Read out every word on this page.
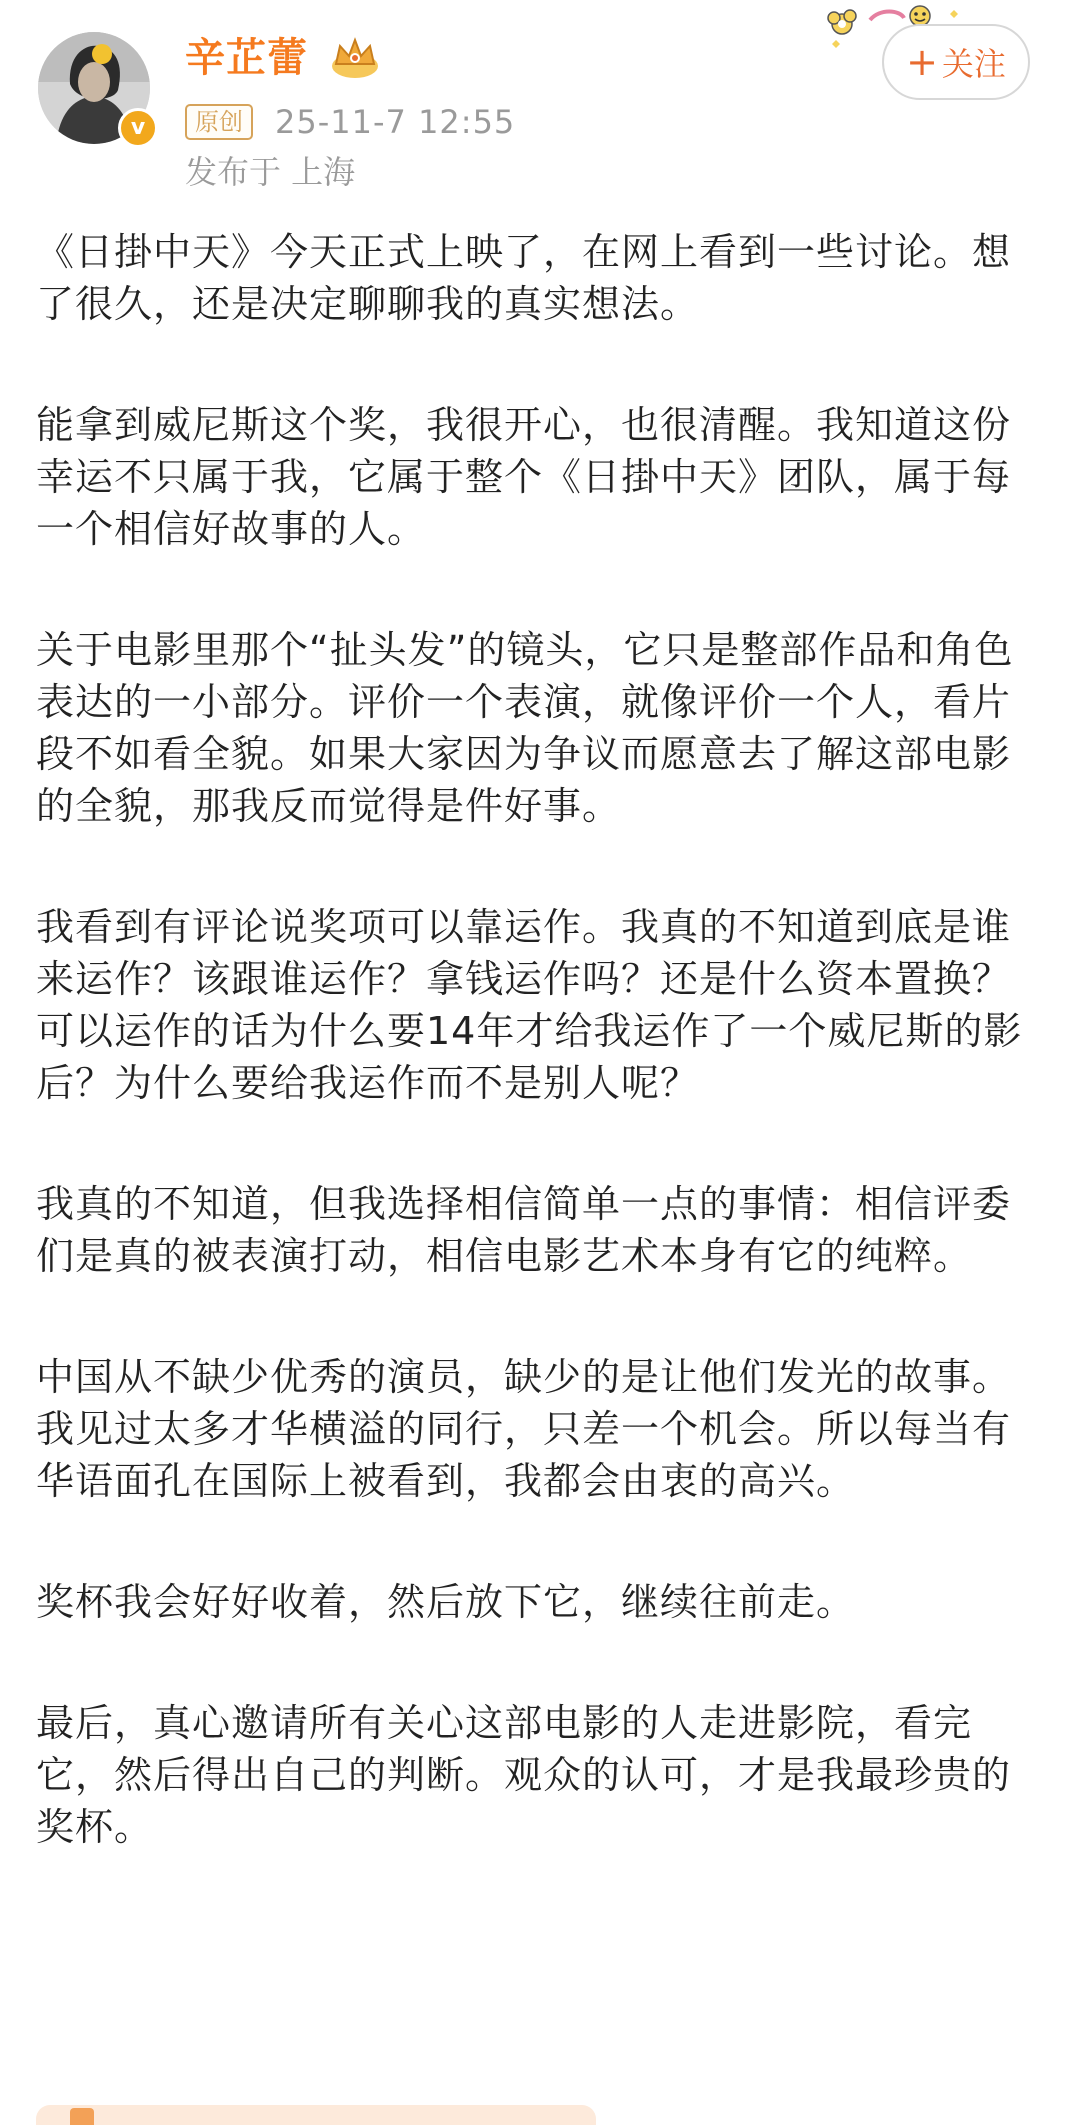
v
辛芷蕾
原创	25-11-7 12:55
发布于 上海
+ 关注

《日掛中天》今天正式上映了，在网上看到一些讨论。想了很久，还是决定聊聊我的真实想法。

能拿到威尼斯这个奖，我很开心，也很清醒。我知道这份幸运不只属于我，它属于整个《日掛中天》团队，属于每一个相信好故事的人。

关于电影里那个“扯头发”的镜头，它只是整部作品和角色表达的一小部分。评价一个表演，就像评价一个人，看片段不如看全貌。如果大家因为争议而愿意去了解这部电影的全貌，那我反而觉得是件好事。

我看到有评论说奖项可以靠运作。我真的不知道到底是谁来运作？该跟谁运作？拿钱运作吗？还是什么资本置换？可以运作的话为什么要14年才给我运作了一个威尼斯的影后？为什么要给我运作而不是别人呢？

我真的不知道，但我选择相信简单一点的事情：相信评委们是真的被表演打动，相信电影艺术本身有它的纯粹。

中国从不缺少优秀的演员，缺少的是让他们发光的故事。我见过太多才华横溢的同行，只差一个机会。所以每当有华语面孔在国际上被看到，我都会由衷的高兴。

奖杯我会好好收着，然后放下它，继续往前走。

最后，真心邀请所有关心这部电影的人走进影院，看完它，然后得出自己的判断。观众的认可，才是我最珍贵的奖杯。
